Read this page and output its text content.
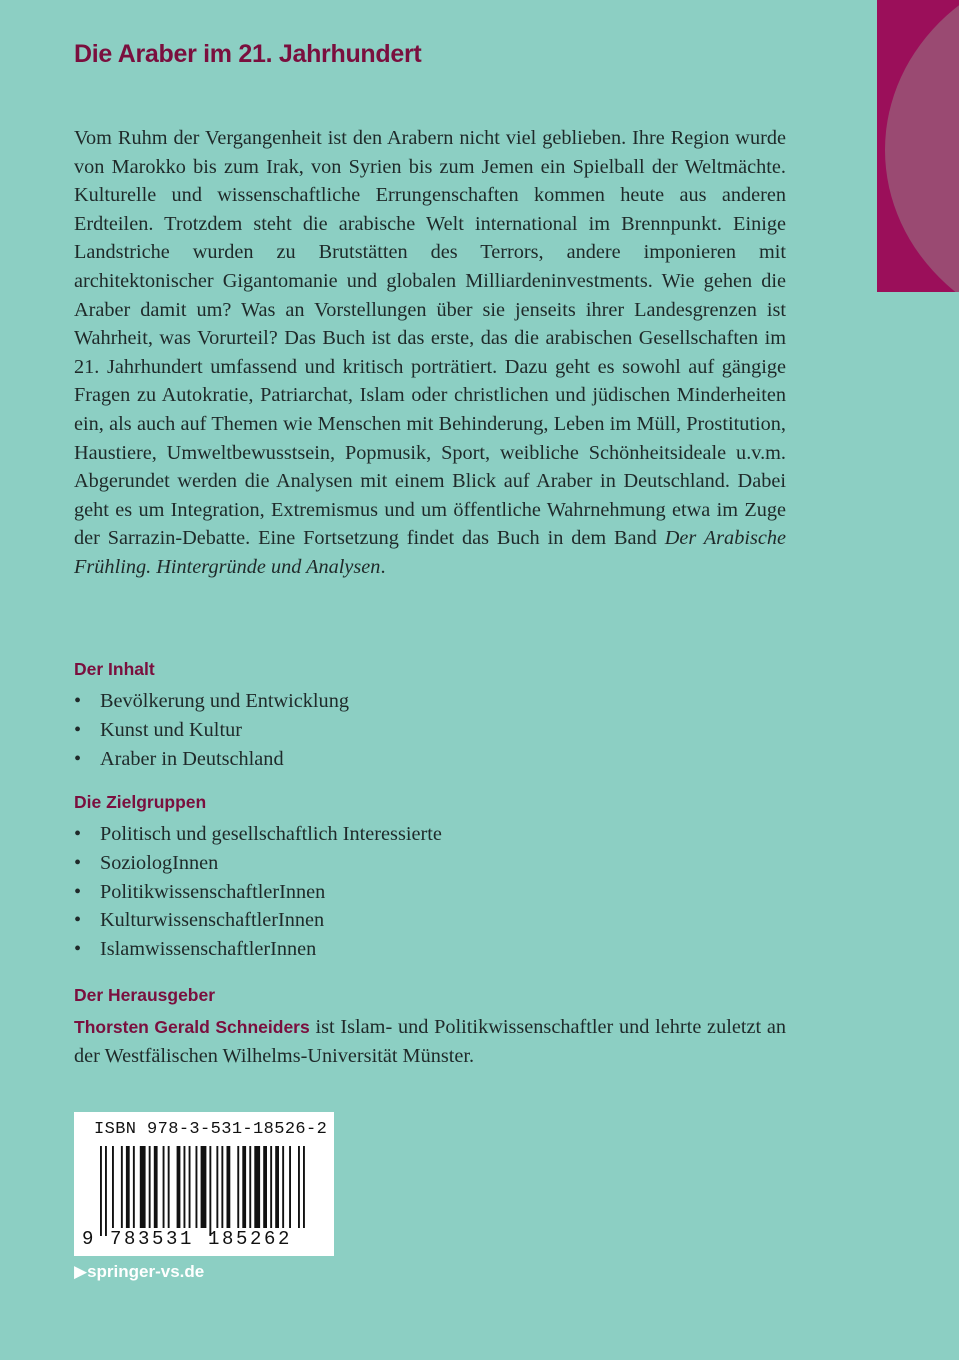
Die Araber im 21. Jahrhundert

Vom Ruhm der Vergangenheit ist den Arabern nicht viel geblieben. Ihre Region wurde von Marokko bis zum Irak, von Syrien bis zum Jemen ein Spielball der Weltmächte. Kulturelle und wissenschaftliche Errungenschaften kommen heute aus anderen Erdteilen. Trotzdem steht die arabische Welt international im Brennpunkt. Einige Landstriche wurden zu Brutstätten des Terrors, andere imponieren mit architektonischer Gigantomanie und globalen Milliardeninvestments. Wie gehen die Araber damit um? Was an Vorstellungen über sie jenseits ihrer Landesgrenzen ist Wahrheit, was Vorurteil? Das Buch ist das erste, das die arabischen Gesellschaften im 21. Jahrhundert umfassend und kritisch porträtiert. Dazu geht es sowohl auf gängige Fragen zu Autokratie, Patriarchat, Islam oder christlichen und jüdischen Minderheiten ein, als auch auf Themen wie Menschen mit Behinderung, Leben im Müll, Prostitution, Haustiere, Umweltbewusstsein, Popmusik, Sport, weibliche Schönheitsideale u.v.m. Abgerundet werden die Analysen mit einem Blick auf Araber in Deutschland. Dabei geht es um Integration, Extremismus und um öffentliche Wahrnehmung etwa im Zuge der Sarrazin-Debatte. Eine Fortsetzung findet das Buch in dem Band Der Arabische Frühling. Hintergründe und Analysen.

Der Inhalt
• Bevölkerung und Entwicklung
• Kunst und Kultur
• Araber in Deutschland
Die Zielgruppen
• Politisch und gesellschaftlich Interessierte
• SoziologInnen
• PolitikwissenschaftlerInnen
• KulturwissenschaftlerInnen
• IslamwissenschaftlerInnen
Der Herausgeber

Thorsten Gerald Schneiders ist Islam- und Politikwissenschaftler und lehrte zuletzt an der Westfälischen Wilhelms-Universität Münster.

ISBN 978-3-531-18526-2
9 783531 185262
▶springer-vs.de
